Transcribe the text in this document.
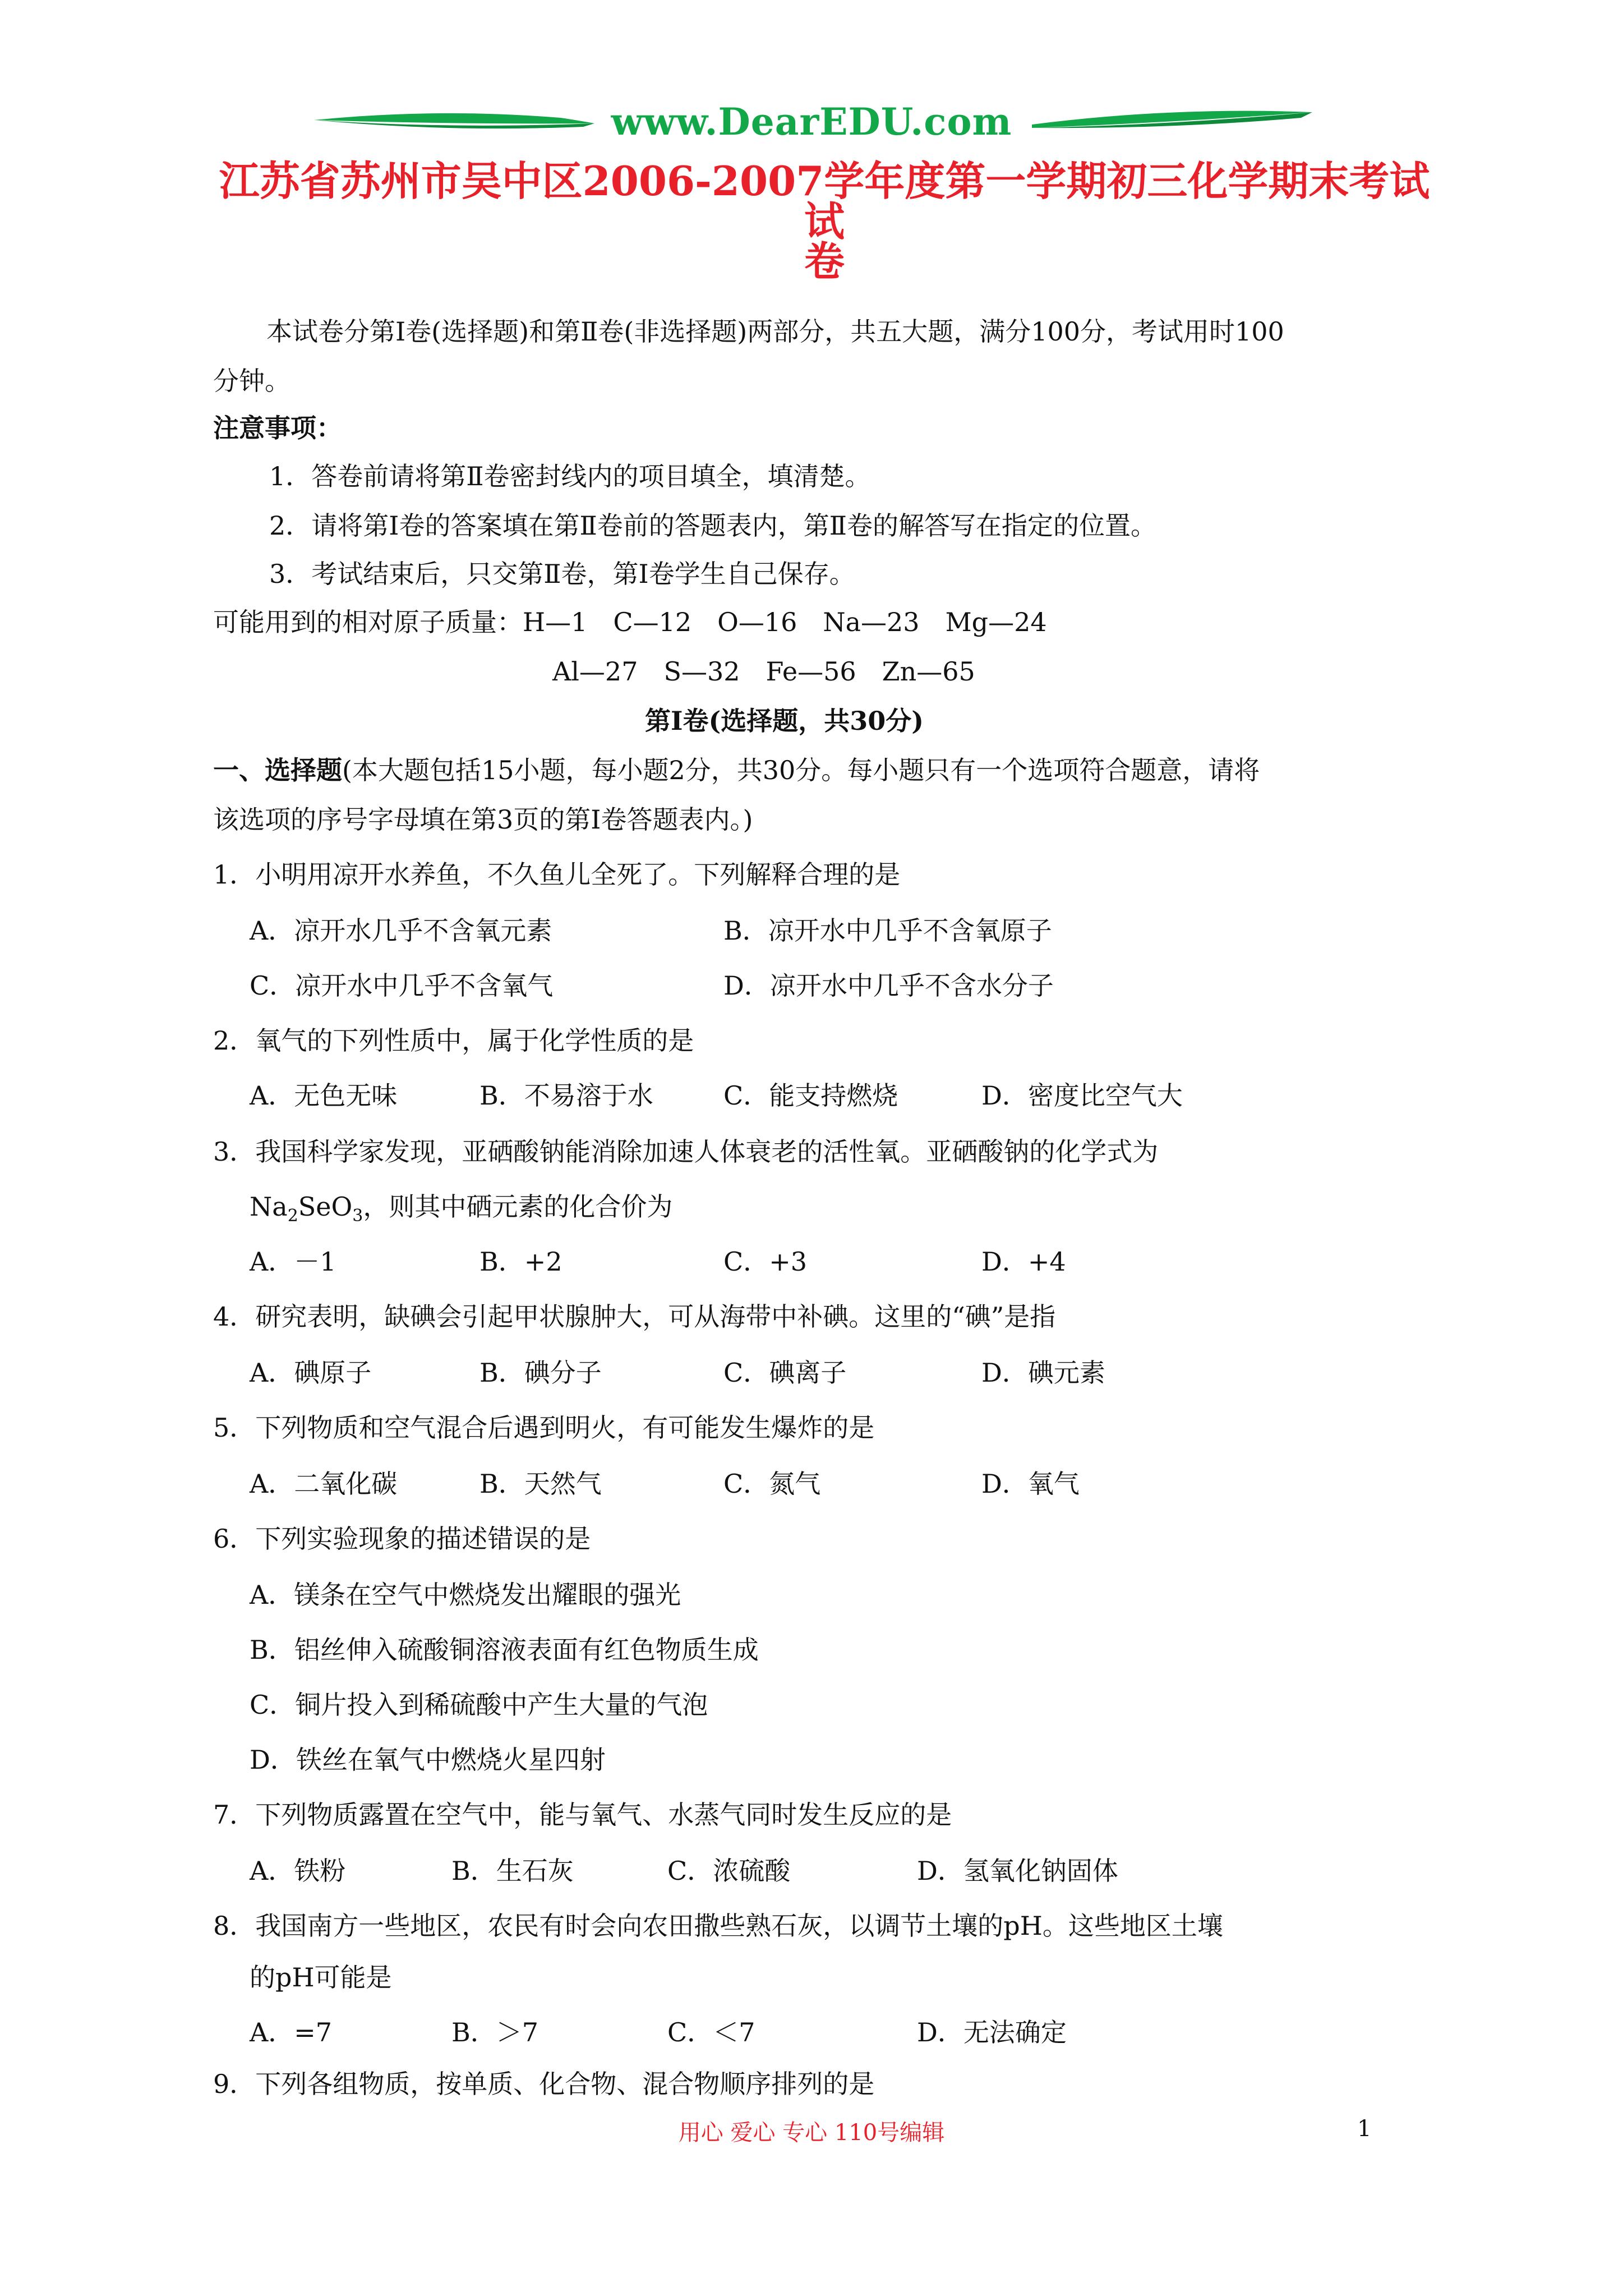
www.DearEDU.com
江苏省苏州市吴中区2006-2007学年度第一学期初三化学期末考试试
卷
本试卷分第Ⅰ卷(选择题)和第Ⅱ卷(非选择题)两部分，共五大题，满分100分，考试用时100
分钟。
注意事项：
1．答卷前请将第Ⅱ卷密封线内的项目填全，填清楚。
2．请将第Ⅰ卷的答案填在第Ⅱ卷前的答题表内，第Ⅱ卷的解答写在指定的位置。
3．考试结束后，只交第Ⅱ卷，第Ⅰ卷学生自己保存。
可能用到的相对原子质量：H—1　C—12　O—16　Na—23　Mg—24
Al—27　S—32　Fe—56　Zn—65
第Ⅰ卷(选择题，共30分)
一、选择题(本大题包括15小题，每小题2分，共30分。每小题只有一个选项符合题意，请将
该选项的序号字母填在第3页的第Ⅰ卷答题表内。)
1．小明用凉开水养鱼，不久鱼儿全死了。下列解释合理的是
A．凉开水几乎不含氧元素	B．凉开水中几乎不含氧原子
C．凉开水中几乎不含氧气	D．凉开水中几乎不含水分子
2．氧气的下列性质中，属于化学性质的是
A．无色无味	B．不易溶于水	C．能支持燃烧	D．密度比空气大
3．我国科学家发现，亚硒酸钠能消除加速人体衰老的活性氧。亚硒酸钠的化学式为
$Na_2SeO_3$，则其中硒元素的化合价为
A．－1	B．+2	C．+3	D．+4
4．研究表明，缺碘会引起甲状腺肿大，可从海带中补碘。这里的“碘”是指
A．碘原子	B．碘分子	C．碘离子	D．碘元素
5．下列物质和空气混合后遇到明火，有可能发生爆炸的是
A．二氧化碳	B．天然气	C．氮气	D．氧气
6．下列实验现象的描述错误的是
A．镁条在空气中燃烧发出耀眼的强光
B．铝丝伸入硫酸铜溶液表面有红色物质生成
C．铜片投入到稀硫酸中产生大量的气泡
D．铁丝在氧气中燃烧火星四射
7．下列物质露置在空气中，能与氧气、水蒸气同时发生反应的是
A．铁粉	B．生石灰	C．浓硫酸	D．氢氧化钠固体
8．我国南方一些地区，农民有时会向农田撒些熟石灰，以调节土壤的pH。这些地区土壤
的pH可能是
A．=7	B．＞7	C．＜7	D．无法确定
9．下列各组物质，按单质、化合物、混合物顺序排列的是
用心 爱心 专心 110号编辑	1
